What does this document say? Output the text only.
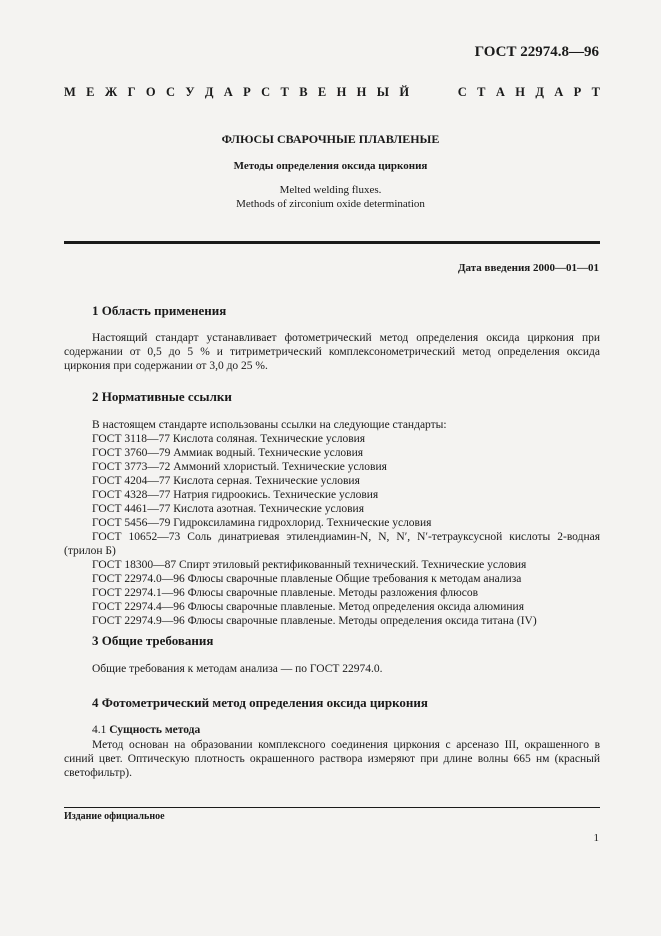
ГОСТ 22974.8—96
М Е Ж Г О С У Д А Р С Т В Е Н Н Ы Й	С Т А Н Д А Р Т
ФЛЮСЫ СВАРОЧНЫЕ ПЛАВЛЕНЫЕ
Методы определения оксида циркония
Melted welding fluxes.
Methods of zirconium oxide determination
Дата введения 2000—01—01
1 Область применения
Настоящий стандарт устанавливает фотометрический метод определения оксида циркония при содержании от 0,5 до 5 % и титриметрический комплексонометрический метод определения оксида циркония при содержании от 3,0 до 25 %.
2 Нормативные ссылки
В настоящем стандарте использованы ссылки на следующие стандарты:
ГОСТ 3118—77 Кислота соляная. Технические условия
ГОСТ 3760—79 Аммиак водный. Технические условия
ГОСТ 3773—72 Аммоний хлористый. Технические условия
ГОСТ 4204—77 Кислота серная. Технические условия
ГОСТ 4328—77 Натрия гидроокись. Технические условия
ГОСТ 4461—77 Кислота азотная. Технические условия
ГОСТ 5456—79 Гидроксиламина гидрохлорид. Технические условия
ГОСТ 10652—73 Соль динатриевая этилендиамин-N, N, N′, N′-тетрауксусной кислоты 2-водная (трилон Б)
ГОСТ 18300—87 Спирт этиловый ректификованный технический. Технические условия
ГОСТ 22974.0—96 Флюсы сварочные плавленые Общие требования к методам анализа
ГОСТ 22974.1—96 Флюсы сварочные плавленые. Методы разложения флюсов
ГОСТ 22974.4—96 Флюсы сварочные плавленые. Метод определения оксида алюминия
ГОСТ 22974.9—96 Флюсы сварочные плавленые. Методы определения оксида титана (IV)
3 Общие требования
Общие требования к методам анализа — по ГОСТ 22974.0.
4 Фотометрический метод определения оксида циркония
4.1 Сущность метода
Метод основан на образовании комплексного соединения циркония с арсеназо III, окрашенного в синий цвет. Оптическую плотность окрашенного раствора измеряют при длине волны 665 нм (красный светофильтр).
Издание официальное
1
